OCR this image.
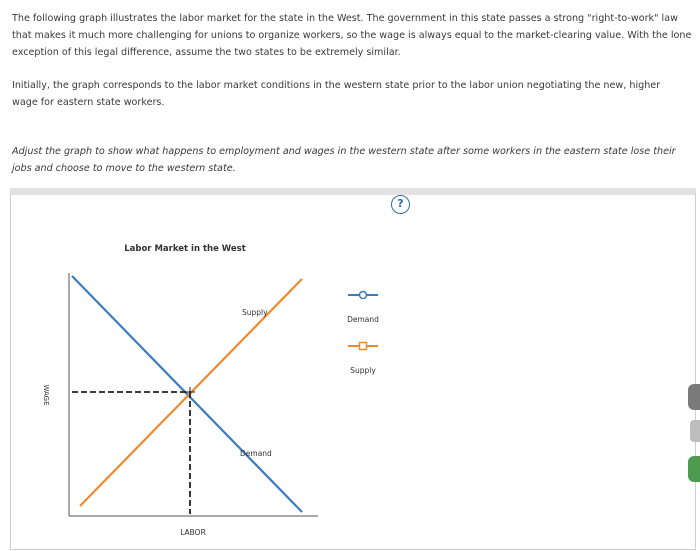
The following graph illustrates the labor market for the state in the West. The government in this state passes a strong "right-to-work" law that makes it much more challenging for unions to organize workers, so the wage is always equal to the market-clearing value. With the lone exception of this legal difference, assume the two states to be extremely similar.

Initially, the graph corresponds to the labor market conditions in the western state prior to the labor union negotiating the new, higher wage for eastern state workers.

Adjust the graph to show what happens to employment and wages in the western state after some workers in the eastern state lose their jobs and choose to move to the western state.

?
Labor Market in the West
WAGE
LABOR
Supply
Demand
Demand
Supply
